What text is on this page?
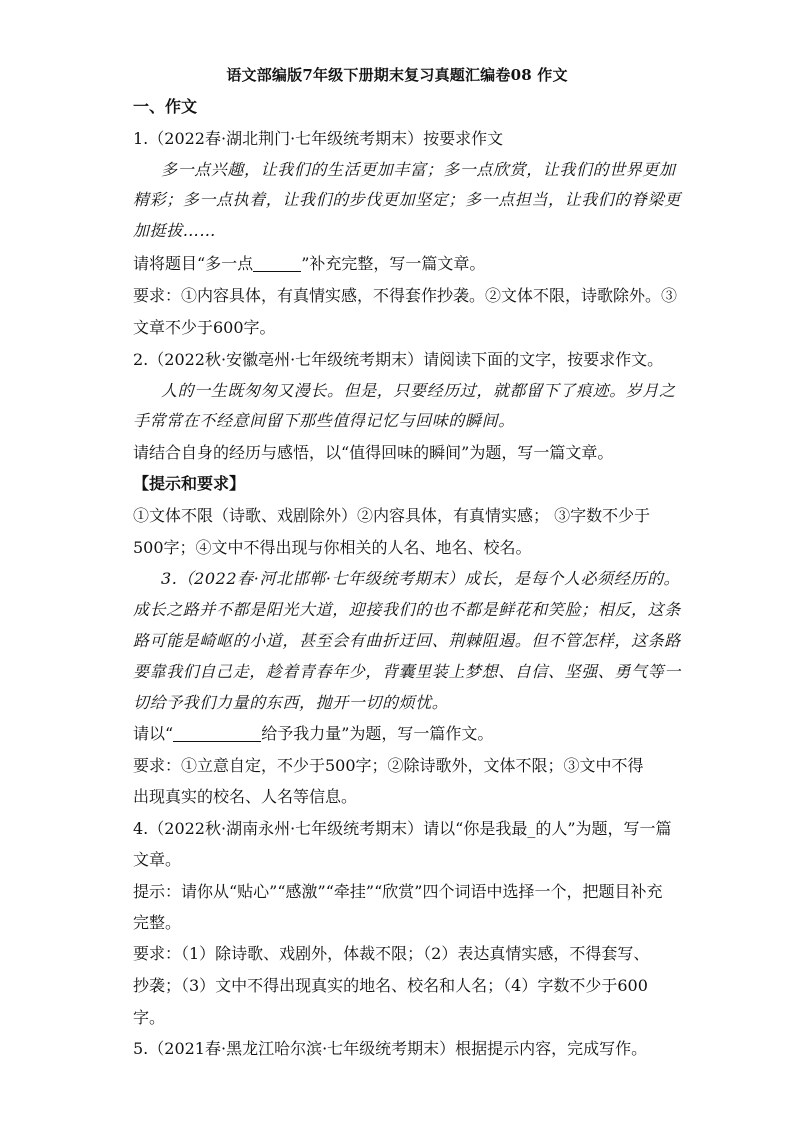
语文部编版7年级下册期末复习真题汇编卷08 作文
一、作文
1.（2022春·湖北荆门·七年级统考期末）按要求作文
多一点兴趣，让我们的生活更加丰富；多一点欣赏，让我们的世界更加
精彩；多一点执着，让我们的步伐更加坚定；多一点担当，让我们的脊梁更
加挺拔……
请将题目“多一点	”补充完整，写一篇文章。
要求：①内容具体，有真情实感，不得套作抄袭。②文体不限，诗歌除外。③
文章不少于600字。
2.（2022秋·安徽亳州·七年级统考期末）请阅读下面的文字，按要求作文。
人的一生既匆匆又漫长。但是，只要经历过，就都留下了痕迹。岁月之
手常常在不经意间留下那些值得记忆与回味的瞬间。
请结合自身的经历与感悟，以“值得回味的瞬间”为题，写一篇文章。
【提示和要求】
①文体不限（诗歌、戏剧除外）②内容具体，有真情实感； ③字数不少于
500字；④文中不得出现与你相关的人名、地名、校名。
3.（2022春·河北邯郸·七年级统考期末）成长，是每个人必须经历的。
成长之路并不都是阳光大道，迎接我们的也不都是鲜花和笑脸；相反，这条
路可能是崎岖的小道，甚至会有曲折迂回、荆棘阻遏。但不管怎样，这条路
要靠我们自己走，趁着青春年少，背囊里装上梦想、自信、坚强、勇气等一
切给予我们力量的东西，抛开一切的烦忧。
请以“	给予我力量”为题，写一篇作文。
要求：①立意自定，不少于500字；②除诗歌外，文体不限；③文中不得
出现真实的校名、人名等信息。
4.（2022秋·湖南永州·七年级统考期末）请以“你是我最_的人”为题，写一篇
文章。
提示：请你从“贴心”“感激”“牵挂”“欣赏”四个词语中选择一个，把题目补充
完整。
要求：（1）除诗歌、戏剧外，体裁不限；（2）表达真情实感，不得套写、
抄袭；（3）文中不得出现真实的地名、校名和人名；（4）字数不少于600
字。
5.（2021春·黑龙江哈尔滨·七年级统考期末）根据提示内容，完成写作。
